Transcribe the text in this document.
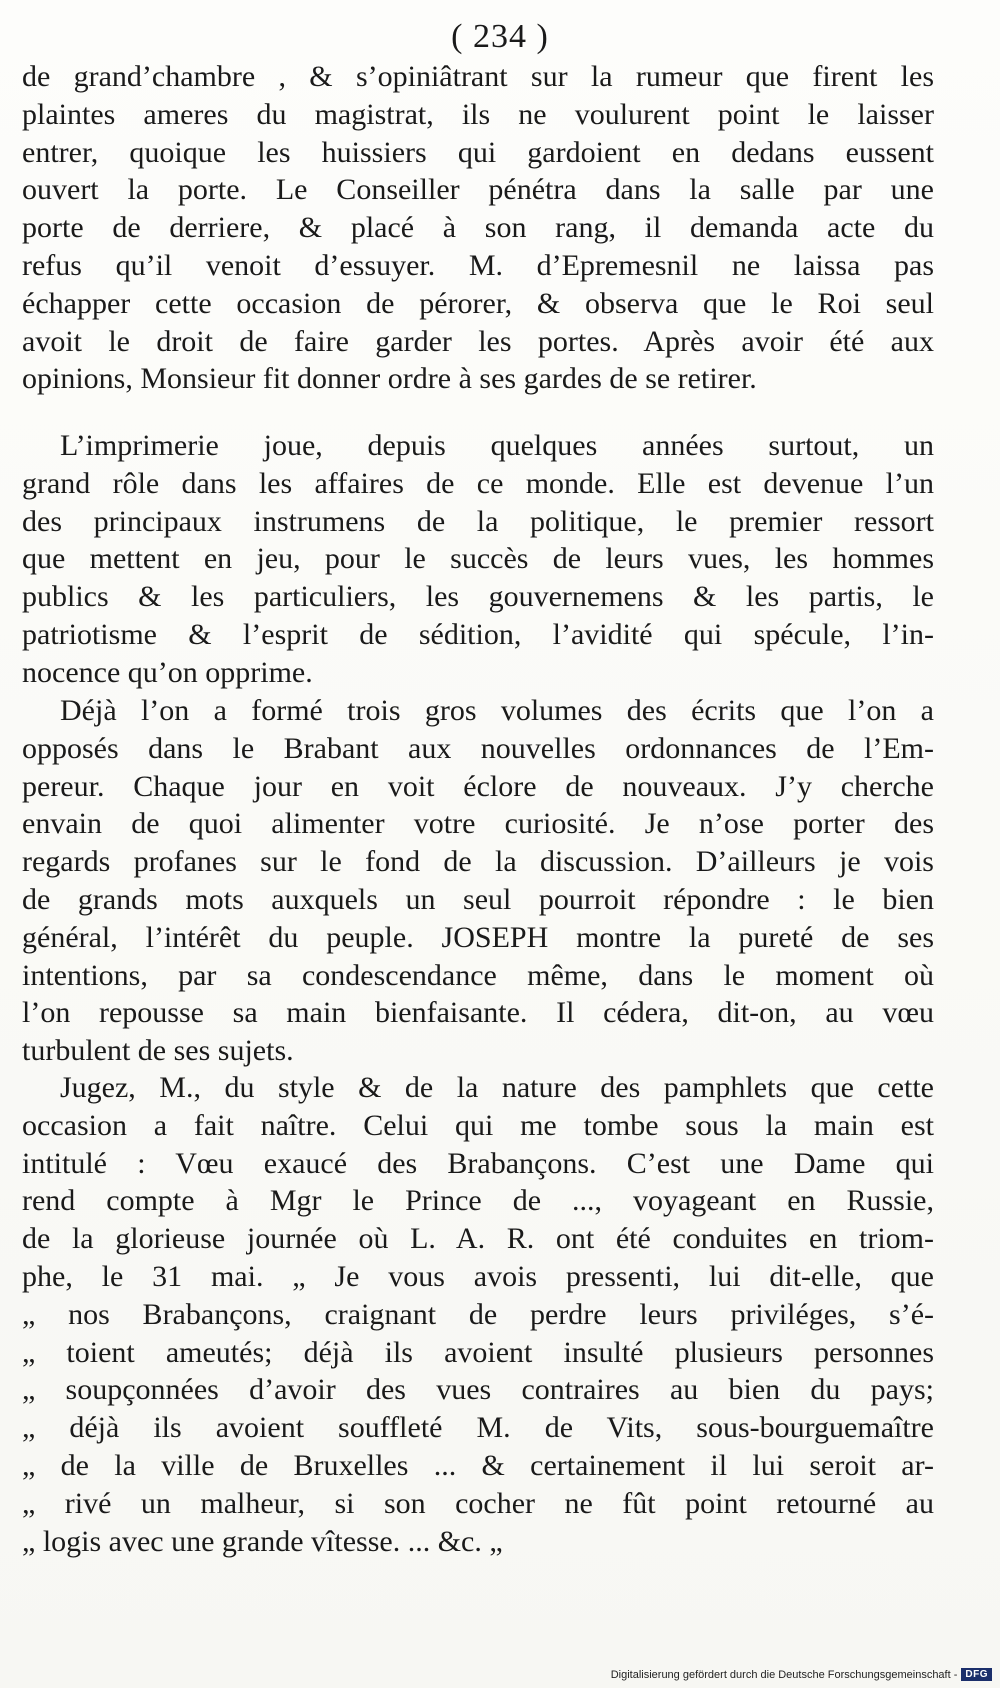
( 234 )
de grand’chambre , & s’opiniâtrant sur la rumeur que firent les
plaintes ameres du magistrat, ils ne voulurent point le laisser
entrer, quoique les huissiers qui gardoient en dedans eussent
ouvert la porte. Le Conseiller pénétra dans la salle par une
porte de derriere, & placé à son rang, il demanda acte du
refus qu’il venoit d’essuyer. M. d’Epremesnil ne laissa pas
échapper cette occasion de pérorer, & observa que le Roi seul
avoit le droit de faire garder les portes. Après avoir été aux
opinions, Monsieur fit donner ordre à ses gardes de se retirer.
L’imprimerie joue, depuis quelques années surtout, un
grand rôle dans les affaires de ce monde. Elle est devenue l’un
des principaux instrumens de la politique, le premier ressort
que mettent en jeu, pour le succès de leurs vues, les hommes
publics & les particuliers, les gouvernemens & les partis, le
patriotisme & l’esprit de sédition, l’avidité qui spécule, l’in-
nocence qu’on opprime.
Déjà l’on a formé trois gros volumes des écrits que l’on a
opposés dans le Brabant aux nouvelles ordonnances de l’Em-
pereur. Chaque jour en voit éclore de nouveaux. J’y cherche
envain de quoi alimenter votre curiosité. Je n’ose porter des
regards profanes sur le fond de la discussion. D’ailleurs je vois
de grands mots auxquels un seul pourroit répondre : le bien
général, l’intérêt du peuple. JOSEPH montre la pureté de ses
intentions, par sa condescendance même, dans le moment où
l’on repousse sa main bienfaisante. Il cédera, dit-on, au vœu
turbulent de ses sujets.
Jugez, M., du style & de la nature des pamphlets que cette
occasion a fait naître. Celui qui me tombe sous la main est
intitulé : Vœu exaucé des Brabançons. C’est une Dame qui
rend compte à Mgr le Prince de ..., voyageant en Russie,
de la glorieuse journée où L. A. R. ont été conduites en triom-
phe, le 31 mai. „ Je vous avois pressenti, lui dit-elle, que
„ nos Brabançons, craignant de perdre leurs priviléges, s’é-
„ toient ameutés; déjà ils avoient insulté plusieurs personnes
„ soupçonnées d’avoir des vues contraires au bien du pays;
„ déjà ils avoient souffleté M. de Vits, sous-bourguemaître
„ de la ville de Bruxelles ... & certainement il lui seroit ar-
„ rivé un malheur, si son cocher ne fût point retourné au
„ logis avec une grande vîtesse. ... &c. „
Digitalisierung gefördert durch die Deutsche Forschungsgemeinschaft - DFG
